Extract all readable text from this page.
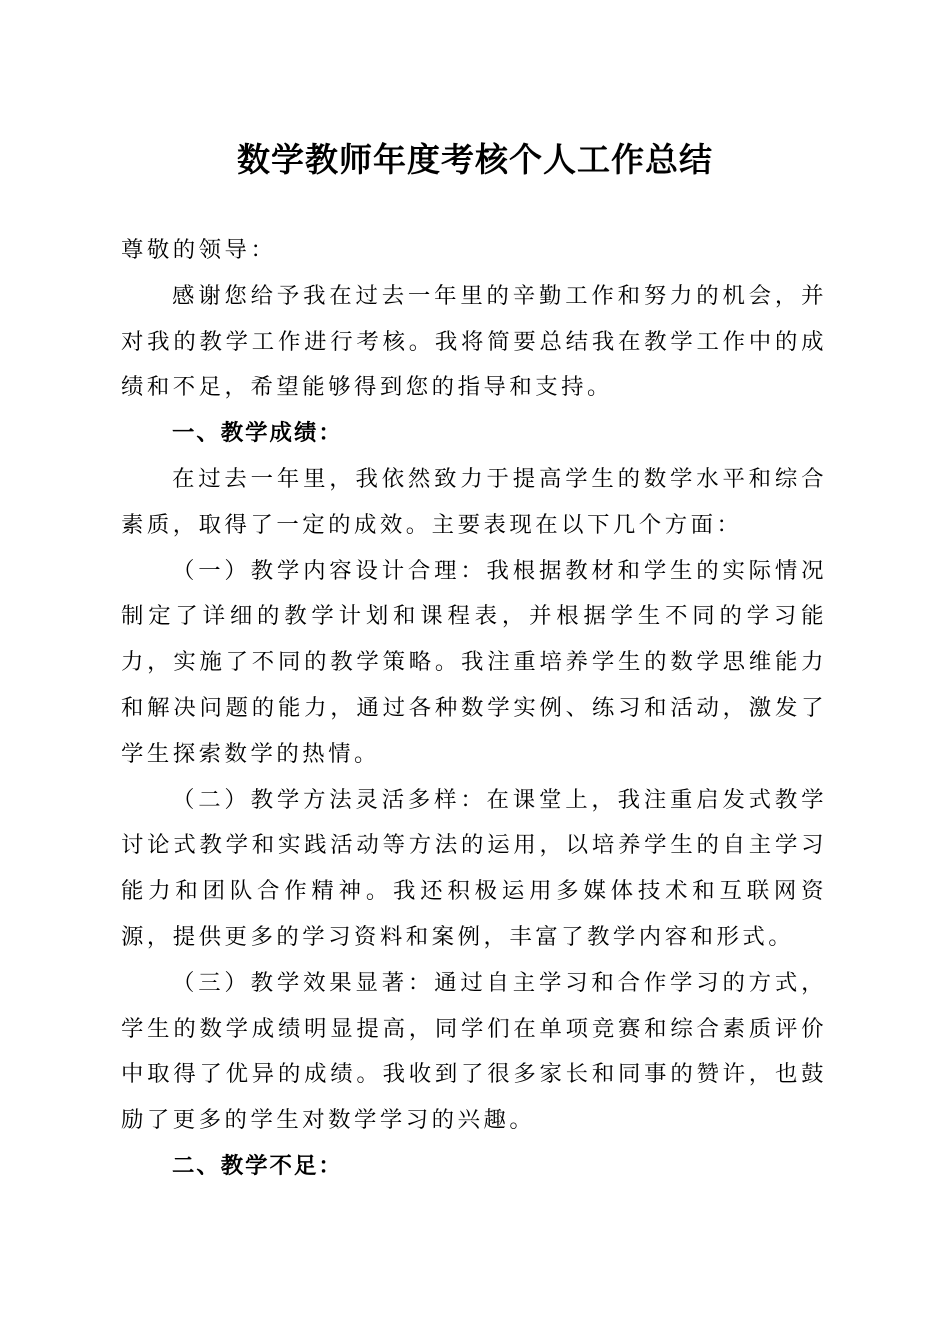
数学教师年度考核个人工作总结

尊敬的领导：

感谢您给予我在过去一年里的辛勤工作和努力的机会，并对我的教学工作进行考核。我将简要总结我在教学工作中的成绩和不足，希望能够得到您的指导和支持。

一、教学成绩：

在过去一年里，我依然致力于提高学生的数学水平和综合素质，取得了一定的成效。主要表现在以下几个方面：

（一）教学内容设计合理：我根据教材和学生的实际情况制定了详细的教学计划和课程表，并根据学生不同的学习能力，实施了不同的教学策略。我注重培养学生的数学思维能力和解决问题的能力，通过各种数学实例、练习和活动，激发了学生探索数学的热情。

（二）教学方法灵活多样：在课堂上，我注重启发式教学讨论式教学和实践活动等方法的运用，以培养学生的自主学习能力和团队合作精神。我还积极运用多媒体技术和互联网资源，提供更多的学习资料和案例，丰富了教学内容和形式。

（三）教学效果显著：通过自主学习和合作学习的方式，学生的数学成绩明显提高，同学们在单项竞赛和综合素质评价中取得了优异的成绩。我收到了很多家长和同事的赞许，也鼓励了更多的学生对数学学习的兴趣。

二、教学不足：
